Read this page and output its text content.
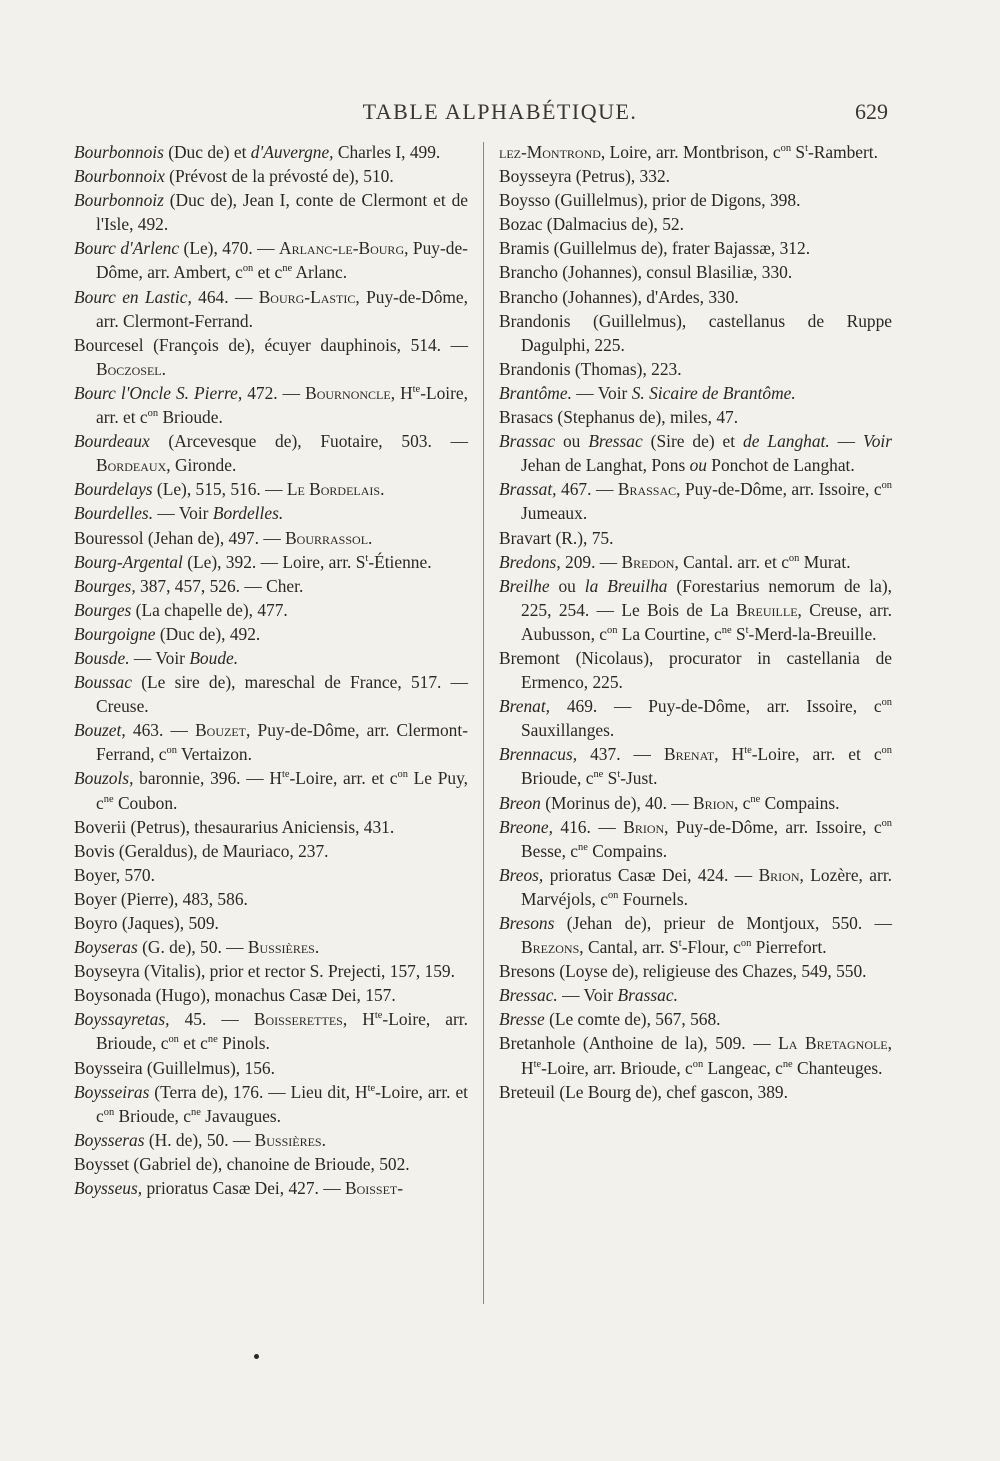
TABLE ALPHABÉTIQUE.	629

Bourbonnois (Duc de) et d'Auvergne, Charles I, 499.

Bourbonnoix (Prévost de la prévosté de), 510.

Bourbonnoiz (Duc de), Jean I, conte de Clermont et de l'Isle, 492.

Bourc d'Arlenc (Le), 470. — Arlanc-le-Bourg, Puy-de-Dôme, arr. Ambert, $c^{on}$ et $c^{ne}$ Arlanc.

Bourc en Lastic, 464. — Bourg-Lastic, Puy-de-Dôme, arr. Clermont-Ferrand.

Bourcesel (François de), écuyer dauphinois, 514. — Boczosel.

Bourc l'Oncle S. Pierre, 472. — Bournoncle, $H^{te}$-Loire, arr. et $c^{on}$ Brioude.

Bourdeaux (Arcevesque de), Fuotaire, 503. — Bordeaux, Gironde.

Bourdelays (Le), 515, 516. — Le Bordelais.

Bourdelles. — Voir Bordelles.

Bouressol (Jehan de), 497. — Bourrassol.

Bourg-Argental (Le), 392. — Loire, arr. $S^t$-Étienne.

Bourges, 387, 457, 526. — Cher.

Bourges (La chapelle de), 477.

Bourgoigne (Duc de), 492.

Bousde. — Voir Boude.

Boussac (Le sire de), mareschal de France, 517. — Creuse.

Bouzet, 463. — Bouzet, Puy-de-Dôme, arr. Clermont-Ferrand, $c^{on}$ Vertaizon.

Bouzols, baronnie, 396. — $H^{te}$-Loire, arr. et $c^{on}$ Le Puy, $c^{ne}$ Coubon.

Boverii (Petrus), thesaurarius Aniciensis, 431.

Bovis (Geraldus), de Mauriaco, 237.

Boyer, 570.

Boyer (Pierre), 483, 586.

Boyro (Jaques), 509.

Boyseras (G. de), 50. — Bussières.

Boyseyra (Vitalis), prior et rector S. Prejecti, 157, 159.

Boysonada (Hugo), monachus Casæ Dei, 157.

Boyssayretas, 45. — Boisserettes, $H^{te}$-Loire, arr. Brioude, $c^{on}$ et $c^{ne}$ Pinols.

Boysseira (Guillelmus), 156.

Boysseiras (Terra de), 176. — Lieu dit, $H^{te}$-Loire, arr. et $c^{on}$ Brioude, $c^{ne}$ Javaugues.

Boysseras (H. de), 50. — Bussières.

Boysset (Gabriel de), chanoine de Brioude, 502.

Boysseus, prioratus Casæ Dei, 427. — Boisset-

lez-Montrond, Loire, arr. Montbrison, $c^{on}$ $S^t$-Rambert.

Boysseyra (Petrus), 332.

Boysso (Guillelmus), prior de Digons, 398.

Bozac (Dalmacius de), 52.

Bramis (Guillelmus de), frater Bajassæ, 312.

Brancho (Johannes), consul Blasiliæ, 330.

Brancho (Johannes), d'Ardes, 330.

Brandonis (Guillelmus), castellanus de Ruppe Dagulphi, 225.

Brandonis (Thomas), 223.

Brantôme. — Voir S. Sicaire de Brantôme.

Brasacs (Stephanus de), miles, 47.

Brassac ou Bressac (Sire de) et de Langhat. — Voir Jehan de Langhat, Pons ou Ponchot de Langhat.

Brassat, 467. — Brassac, Puy-de-Dôme, arr. Issoire, $c^{on}$ Jumeaux.

Bravart (R.), 75.

Bredons, 209. — Bredon, Cantal. arr. et $c^{on}$ Murat.

Breilhe ou la Breuilha (Forestarius nemorum de la), 225, 254. — Le Bois de La Breuille, Creuse, arr. Aubusson, $c^{on}$ La Courtine, $c^{ne}$ $S^t-Merd-la$-Breuille.

Bremont (Nicolaus), procurator in castellania de Ermenco, 225.

Brenat, 469. — Puy-de-Dôme, arr. Issoire, $c^{on}$ Sauxillanges.

Brennacus, 437. — Brenat, $H^{te}$-Loire, arr. et $c^{on}$ Brioude, $c^{ne}$ $S^t$-Just.

Breon (Morinus de), 40. — Brion, $c^{ne}$ Compains.

Breone, 416. — Brion, Puy-de-Dôme, arr. Issoire, $c^{on}$ Besse, $c^{ne}$ Compains.

Breos, prioratus Casæ Dei, 424. — Brion, Lozère, arr. Marvéjols, $c^{on}$ Fournels.

Bresons (Jehan de), prieur de Montjoux, 550. — Brezons, Cantal, arr. $S^t$-Flour, $c^{on}$ Pierrefort.

Bresons (Loyse de), religieuse des Chazes, 549, 550.

Bressac. — Voir Brassac.

Bresse (Le comte de), 567, 568.

Bretanhole (Anthoine de la), 509. — La Bretagnole, $H^{te}$-Loire, arr. Brioude, $c^{on}$ Langeac, $c^{ne}$ Chanteuges.

Breteuil (Le Bourg de), chef gascon, 389.
